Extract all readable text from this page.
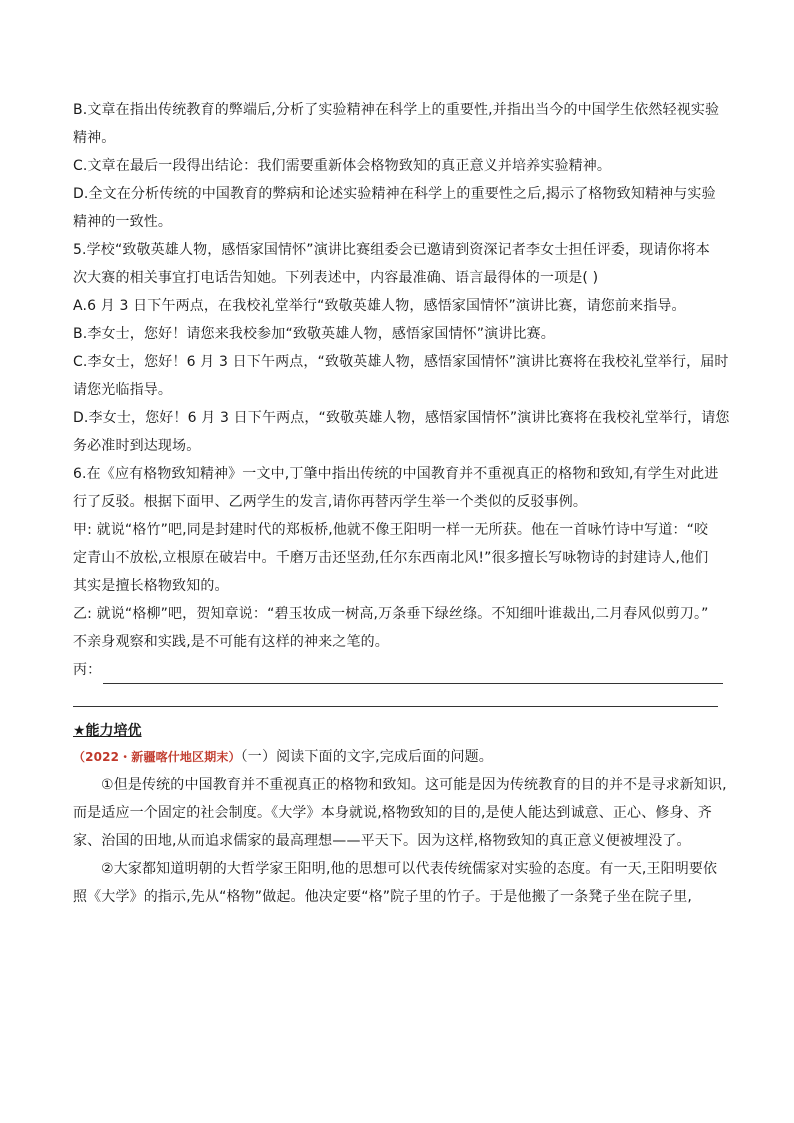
B.文章在指出传统教育的弊端后,分析了实验精神在科学上的重要性,并指出当今的中国学生依然轻视实验
精神。
C.文章在最后一段得出结论：我们需要重新体会格物致知的真正意义并培养实验精神。
D.全文在分析传统的中国教育的弊病和论述实验精神在科学上的重要性之后,揭示了格物致知精神与实验
精神的一致性。
5.学校“致敬英雄人物，感悟家国情怀”演讲比赛组委会已邀请到资深记者李女士担任评委，现请你将本
次大赛的相关事宜打电话告知她。下列表述中，内容最准确、语言最得体的一项是( )
A.6 月 3 日下午两点，在我校礼堂举行“致敬英雄人物，感悟家国情怀”演讲比赛，请您前来指导。
B.李女士，您好！请您来我校参加“致敬英雄人物，感悟家国情怀”演讲比赛。
C.李女士，您好！6 月 3 日下午两点，“致敬英雄人物，感悟家国情怀”演讲比赛将在我校礼堂举行，届时
请您光临指导。
D.李女士，您好！6 月 3 日下午两点，“致敬英雄人物，感悟家国情怀”演讲比赛将在我校礼堂举行，请您
务必准时到达现场。
6.在《应有格物致知精神》一文中,丁肇中指出传统的中国教育并不重视真正的格物和致知,有学生对此进
行了反驳。根据下面甲、乙两学生的发言,请你再替丙学生举一个类似的反驳事例。
甲: 就说“格竹”吧,同是封建时代的郑板桥,他就不像王阳明一样一无所获。他在一首咏竹诗中写道：“咬
定青山不放松,立根原在破岩中。千磨万击还坚劲,任尔东西南北风!”很多擅长写咏物诗的封建诗人,他们
其实是擅长格物致知的。
乙: 就说“格柳”吧，贺知章说：“碧玉妆成一树高,万条垂下绿丝绦。不知细叶谁裁出,二月春风似剪刀。”
不亲身观察和实践,是不可能有这样的神来之笔的。
丙：
★能力培优
（2022・新疆喀什地区期末）（一）阅读下面的文字,完成后面的问题。
①但是传统的中国教育并不重视真正的格物和致知。这可能是因为传统教育的目的并不是寻求新知识,
而是适应一个固定的社会制度。《大学》本身就说,格物致知的目的,是使人能达到诚意、正心、修身、齐
家、治国的田地,从而追求儒家的最高理想——平天下。因为这样,格物致知的真正意义便被埋没了。
②大家都知道明朝的大哲学家王阳明,他的思想可以代表传统儒家对实验的态度。有一天,王阳明要依
照《大学》的指示,先从“格物”做起。他决定要“格”院子里的竹子。于是他搬了一条凳子坐在院子里,
